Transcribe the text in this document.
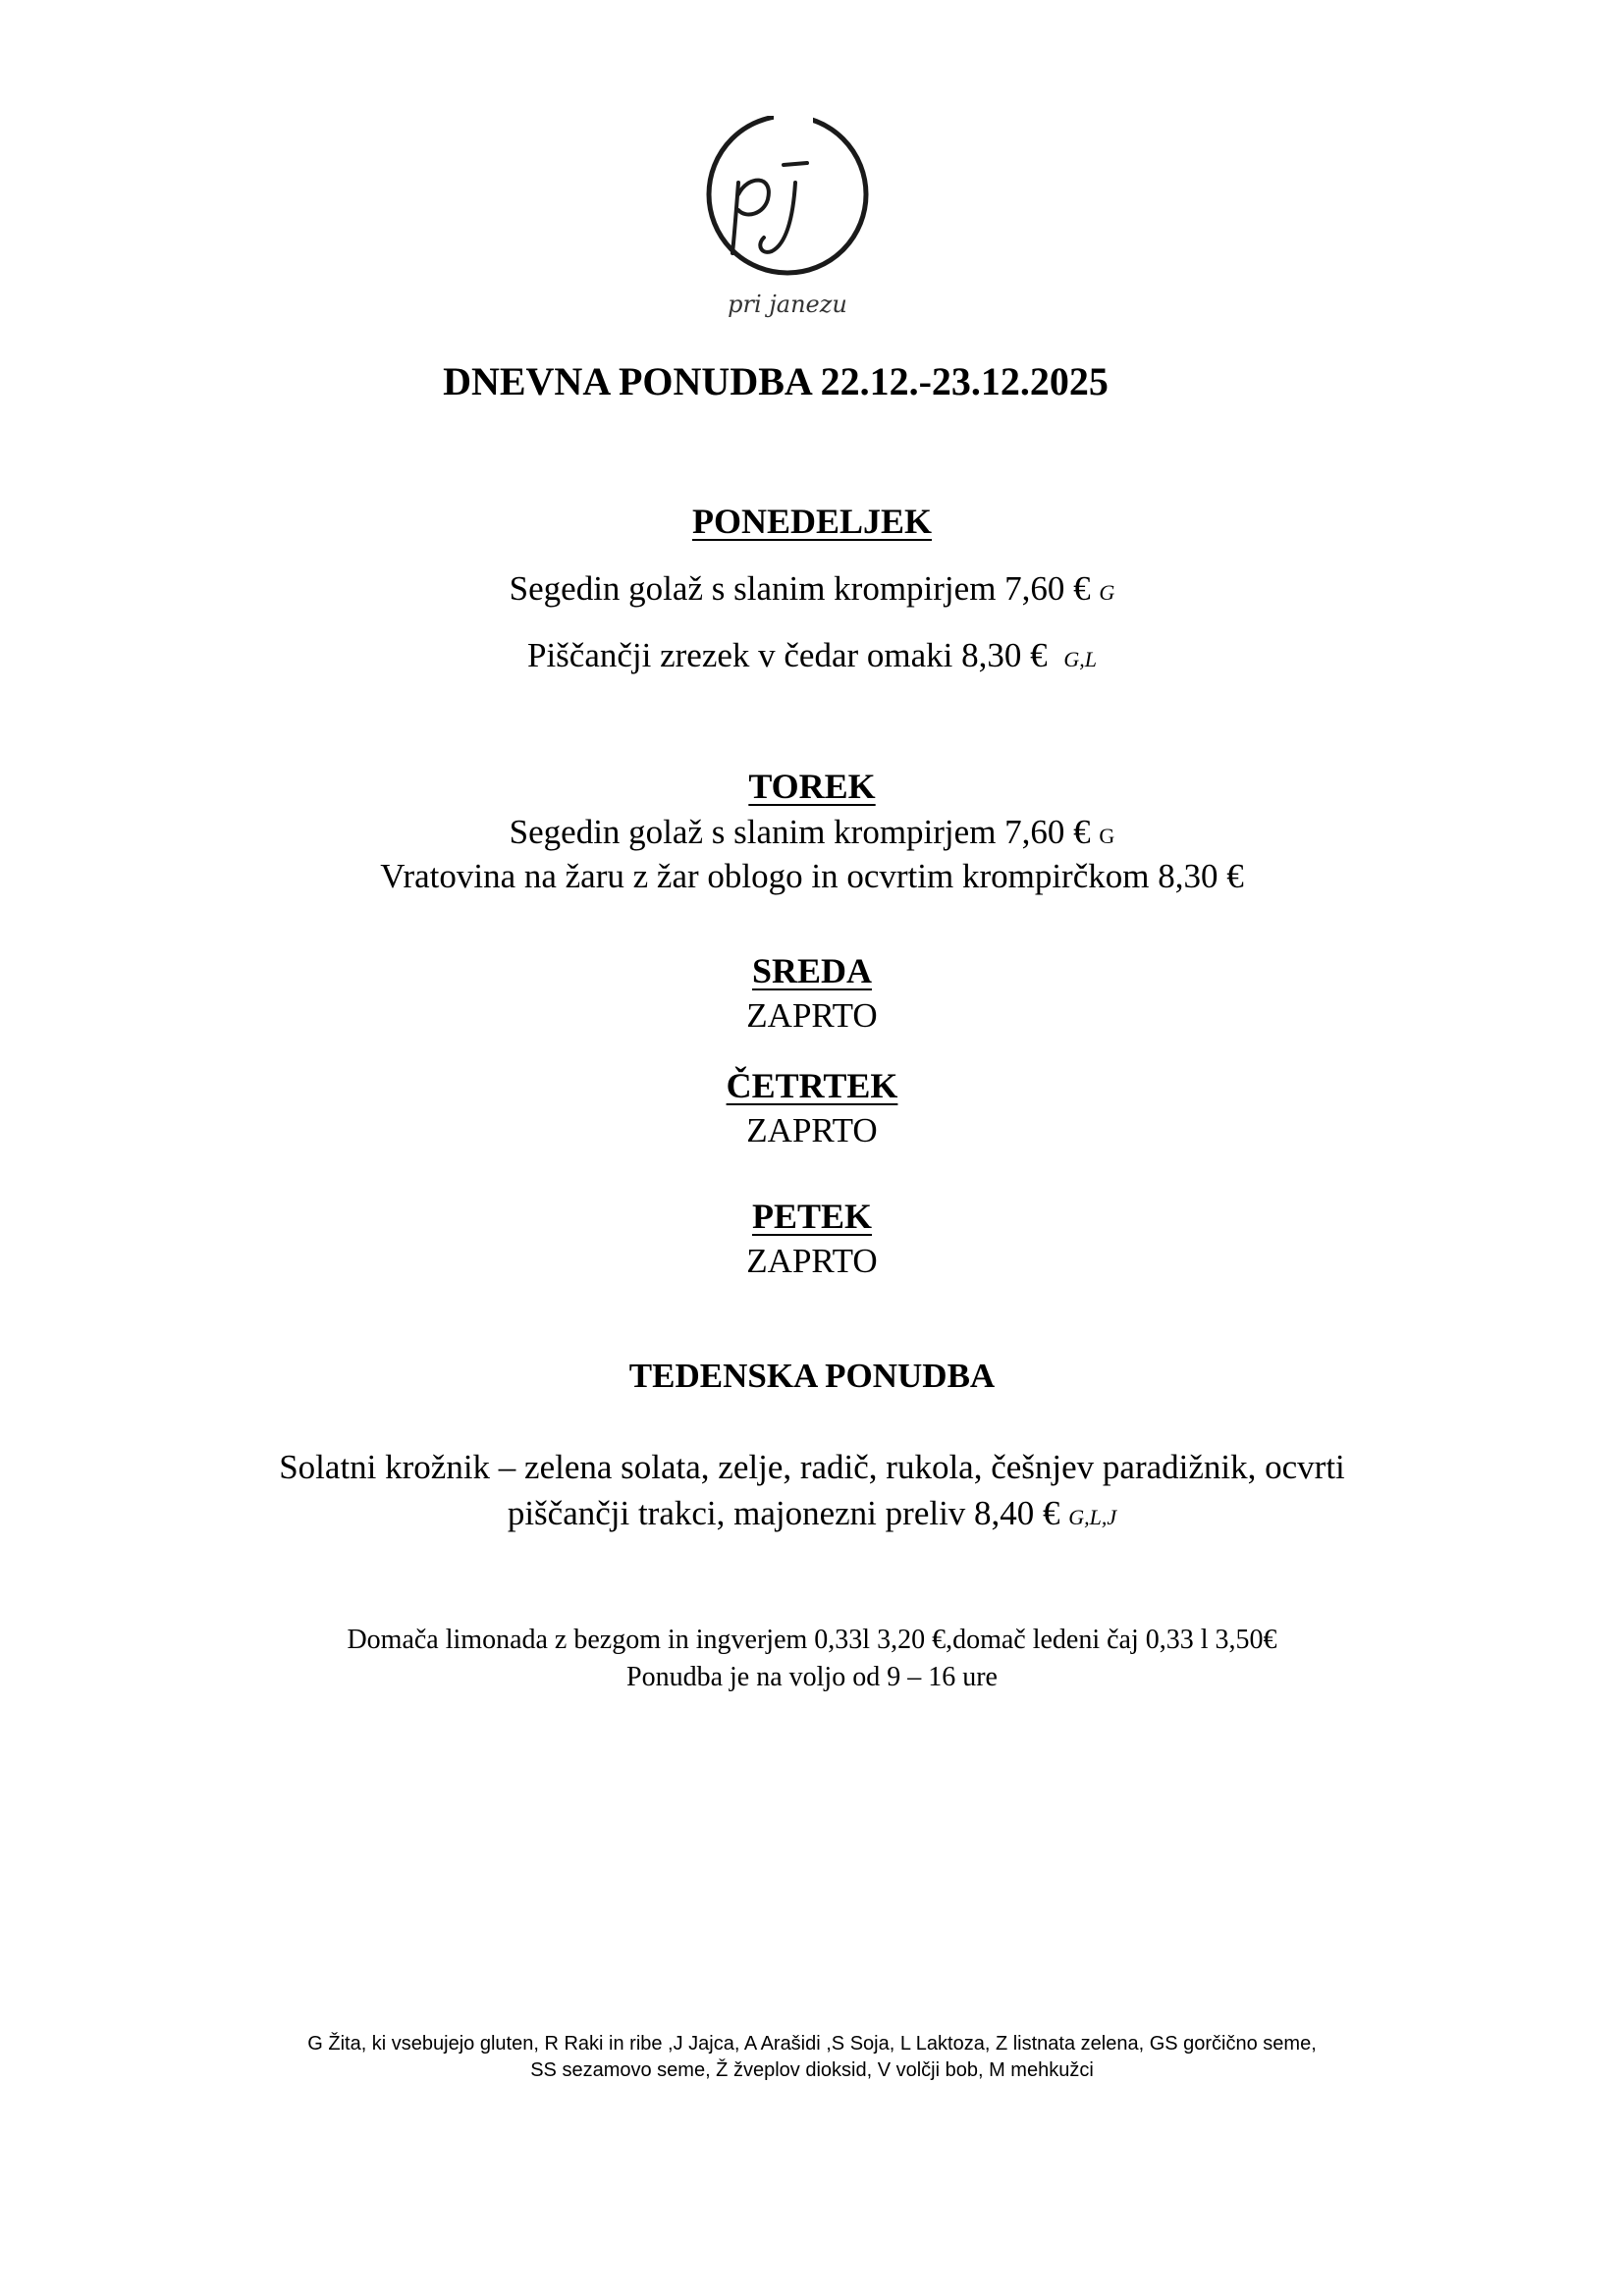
pri janezu
DNEVNA PONUDBA 22.12.-23.12.2025
PONEDELJEK
Segedin golaž s slanim krompirjem 7,60 € G
Piščančji zrezek v čedar omaki 8,30 € G,L
TOREK
Segedin golaž s slanim krompirjem 7,60 € G
Vratovina na žaru z žar oblogo in ocvrtim krompirčkom 8,30 €
SREDA
ZAPRTO
ČETRTEK
ZAPRTO
PETEK
ZAPRTO
TEDENSKA PONUDBA
Solatni krožnik – zelena solata, zelje, radič, rukola, češnjev paradižnik, ocvrti
piščančji trakci, majonezni preliv 8,40 € G,L,J
Domača limonada z bezgom in ingverjem 0,33l 3,20 €,domač ledeni čaj 0,33 l 3,50€
Ponudba je na voljo od 9 – 16 ure
G Žita, ki vsebujejo gluten, R Raki in ribe ,J Jajca, A Arašidi ,S Soja, L Laktoza, Z listnata zelena, GS gorčično seme,
SS sezamovo seme, Ž žveplov dioksid, V volčji bob, M mehkužci
